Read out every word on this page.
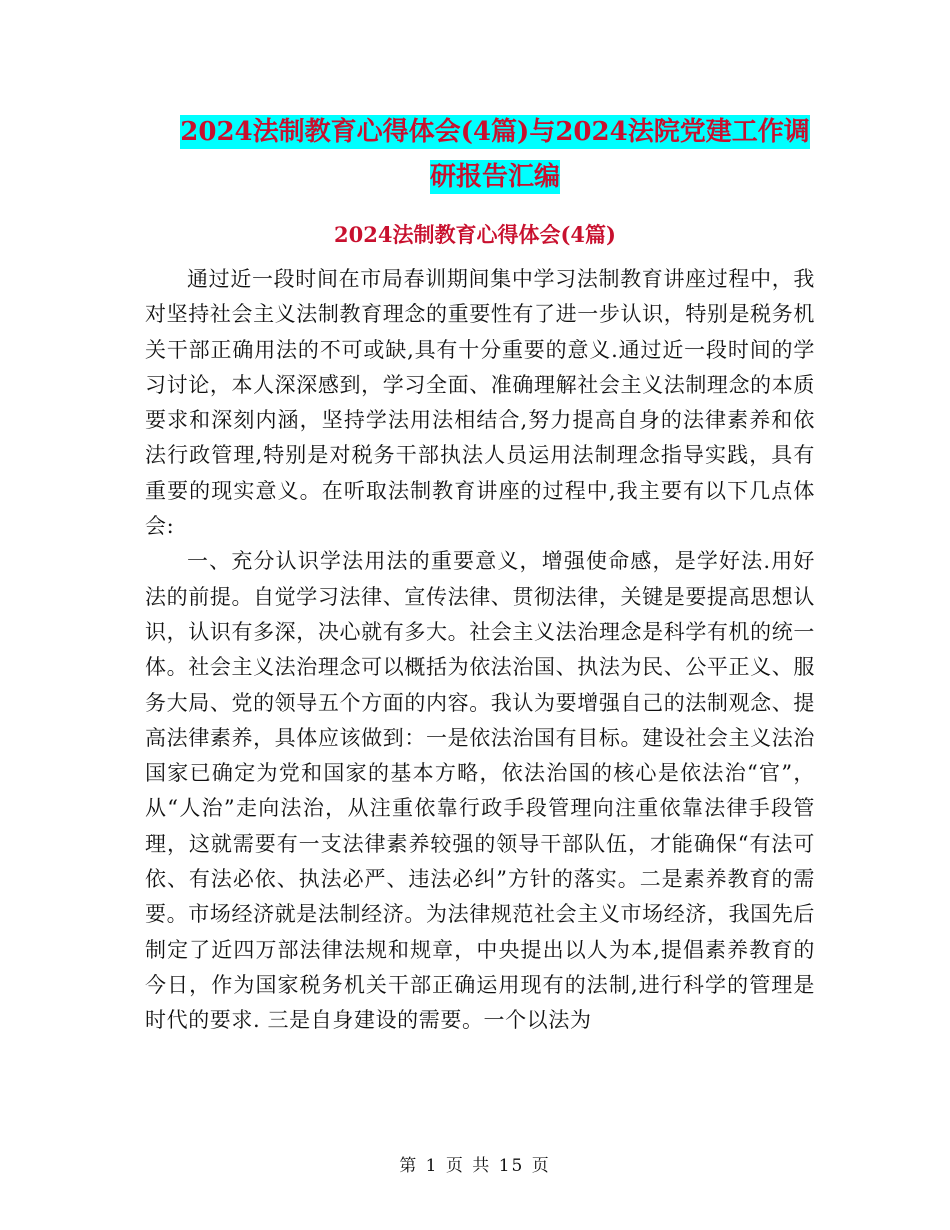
2024法制教育心得体会(4篇)与2024法院党建工作调
研报告汇编
2024法制教育心得体会(4篇)

通过近一段时间在市局春训期间集中学习法制教育讲座过程中，我对坚持社会主义法制教育理念的重要性有了进一步认识，特别是税务机关干部正确用法的不可或缺,具有十分重要的意义.通过近一段时间的学习讨论，本人深深感到，学习全面、准确理解社会主义法制理念的本质要求和深刻内涵，坚持学法用法相结合,努力提高自身的法律素养和依法行政管理,特别是对税务干部执法人员运用法制理念指导实践，具有重要的现实意义。在听取法制教育讲座的过程中,我主要有以下几点体会:

一、充分认识学法用法的重要意义，增强使命感，是学好法.用好法的前提。自觉学习法律、宣传法律、贯彻法律，关键是要提高思想认识，认识有多深，决心就有多大。社会主义法治理念是科学有机的统一体。社会主义法治理念可以概括为依法治国、执法为民、公平正义、服务大局、党的领导五个方面的内容。我认为要增强自己的法制观念、提高法律素养，具体应该做到：一是依法治国有目标。建设社会主义法治国家已确定为党和国家的基本方略，依法治国的核心是依法治“官”，从“人治”走向法治，从注重依靠行政手段管理向注重依靠法律手段管理，这就需要有一支法律素养较强的领导干部队伍，才能确保“有法可依、有法必依、执法必严、违法必纠”方针的落实。二是素养教育的需要。市场经济就是法制经济。为法律规范社会主义市场经济，我国先后制定了近四万部法律法规和规章，中央提出以人为本,提倡素养教育的今日，作为国家税务机关干部正确运用现有的法制,进行科学的管理是时代的要求. 三是自身建设的需要。一个以法为

第 1 页 共 15 页
